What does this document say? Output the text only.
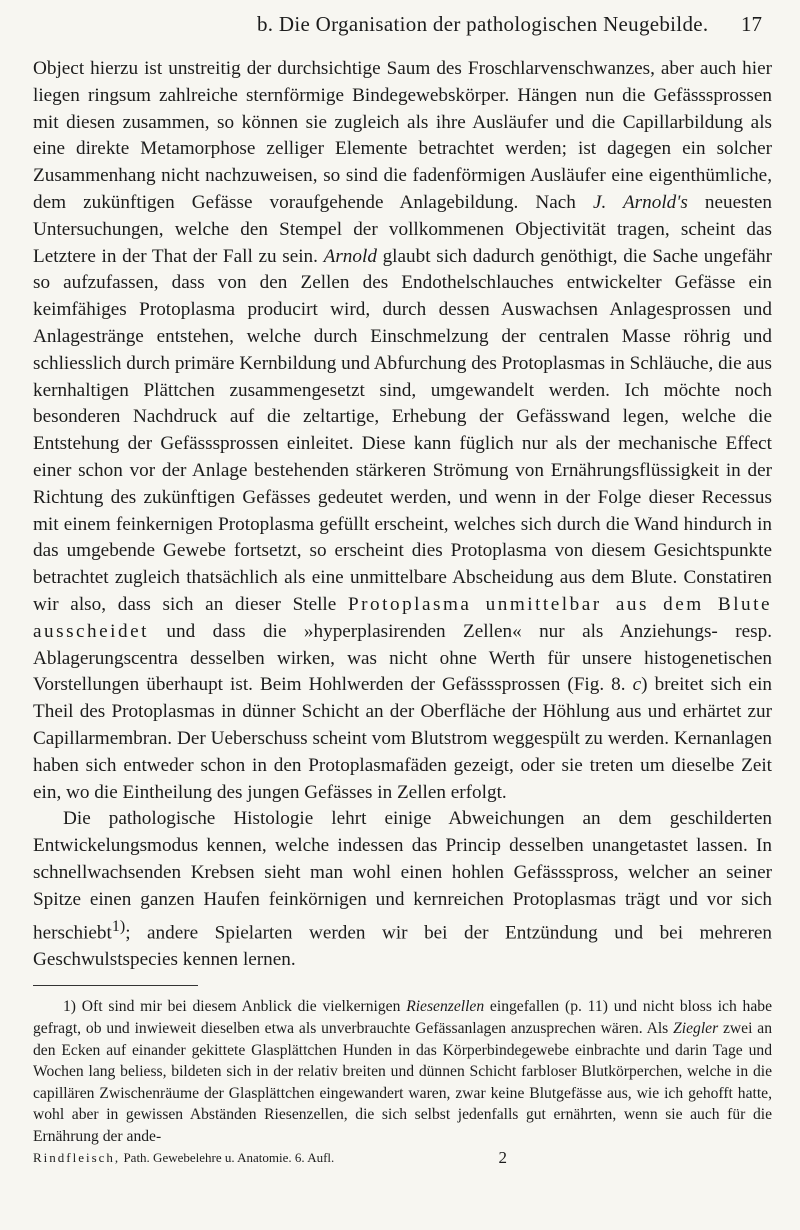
b. Die Organisation der pathologischen Neugebilde. 17

Object hierzu ist unstreitig der durchsichtige Saum des Froschlarvenschwanzes, aber auch hier liegen ringsum zahlreiche sternförmige Bindegewebskörper. Hängen nun die Gefässsprossen mit diesen zusammen, so können sie zugleich als ihre Ausläufer und die Capillarbildung als eine direkte Metamorphose zelliger Elemente betrachtet werden; ist dagegen ein solcher Zusammenhang nicht nachzuweisen, so sind die fadenförmigen Ausläufer eine eigenthümliche, dem zukünftigen Gefässe voraufgehende Anlagebildung. Nach J. Arnold's neuesten Untersuchungen, welche den Stempel der vollkommenen Objectivität tragen, scheint das Letztere in der That der Fall zu sein. Arnold glaubt sich dadurch genöthigt, die Sache ungefähr so aufzufassen, dass von den Zellen des Endothelschlauches entwickelter Gefässe ein keimfähiges Protoplasma producirt wird, durch dessen Auswachsen Anlagesprossen und Anlagestränge entstehen, welche durch Einschmelzung der centralen Masse röhrig und schliesslich durch primäre Kernbildung und Abfurchung des Protoplasmas in Schläuche, die aus kernhaltigen Plättchen zusammengesetzt sind, umgewandelt werden. Ich möchte noch besonderen Nachdruck auf die zeltartige, Erhebung der Gefässwand legen, welche die Entstehung der Gefässsprossen einleitet. Diese kann füglich nur als der mechanische Effect einer schon vor der Anlage bestehenden stärkeren Strömung von Ernährungsflüssigkeit in der Richtung des zukünftigen Gefässes gedeutet werden, und wenn in der Folge dieser Recessus mit einem feinkernigen Protoplasma gefüllt erscheint, welches sich durch die Wand hindurch in das umgebende Gewebe fortsetzt, so erscheint dies Protoplasma von diesem Gesichtspunkte betrachtet zugleich thatsächlich als eine unmittelbare Abscheidung aus dem Blute. Constatiren wir also, dass sich an dieser Stelle Protoplasma unmittelbar aus dem Blute ausscheidet und dass die »hyperplasirenden Zellen« nur als Anziehungs- resp. Ablagerungscentra desselben wirken, was nicht ohne Werth für unsere histogenetischen Vorstellungen überhaupt ist. Beim Hohlwerden der Gefässsprossen (Fig. 8. c) breitet sich ein Theil des Protoplasmas in dünner Schicht an der Oberfläche der Höhlung aus und erhärtet zur Capillarmembran. Der Ueberschuss scheint vom Blutstrom weggespült zu werden. Kernanlagen haben sich entweder schon in den Protoplasmafäden gezeigt, oder sie treten um dieselbe Zeit ein, wo die Eintheilung des jungen Gefässes in Zellen erfolgt.

Die pathologische Histologie lehrt einige Abweichungen an dem geschilderten Entwickelungsmodus kennen, welche indessen das Princip desselben unangetastet lassen. In schnellwachsenden Krebsen sieht man wohl einen hohlen Gefässspross, welcher an seiner Spitze einen ganzen Haufen feinkörnigen und kernreichen Protoplasmas trägt und vor sich herschiebt$^{1)}$; andere Spielarten werden wir bei der Entzündung und bei mehreren Geschwulstspecies kennen lernen.

1) Oft sind mir bei diesem Anblick die vielkernigen Riesenzellen eingefallen (p. 11) und nicht bloss ich habe gefragt, ob und inwieweit dieselben etwa als unverbrauchte Gefässanlagen anzusprechen wären. Als Ziegler zwei an den Ecken auf einander gekittete Glasplättchen Hunden in das Körperbindegewebe einbrachte und darin Tage und Wochen lang beliess, bildeten sich in der relativ breiten und dünnen Schicht farbloser Blutkörperchen, welche in die capillären Zwischenräume der Glasplättchen eingewandert waren, zwar keine Blutgefässe aus, wie ich gehofft hatte, wohl aber in gewissen Abständen Riesenzellen, die sich selbst jedenfalls gut ernährten, wenn sie auch für die Ernährung der ande-

Rindfleisch, Path. Gewebelehre u. Anatomie. 6. Aufl.	2
